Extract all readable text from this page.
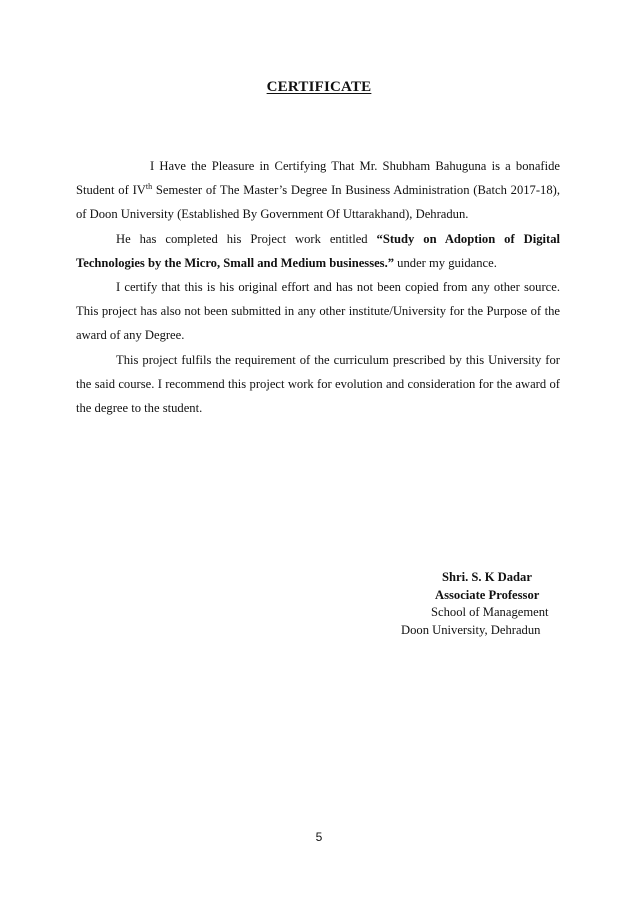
CERTIFICATE

I Have the Pleasure in Certifying That Mr. Shubham Bahuguna is a bonafide Student of IVth Semester of The Master’s Degree In Business Administration (Batch 2017-18), of Doon University (Established By Government Of Uttarakhand), Dehradun.

He has completed his Project work entitled “Study on Adoption of Digital Technologies by the Micro, Small and Medium businesses.” under my guidance.

I certify that this is his original effort and has not been copied from any other source. This project has also not been submitted in any other institute/University for the Purpose of the award of any Degree.

This project fulfils the requirement of the curriculum prescribed by this University for the said course. I recommend this project work for evolution and consideration for the award of the degree to the student.

Shri. S. K Dadar
Associate Professor
School of Management
Doon University, Dehradun
5
